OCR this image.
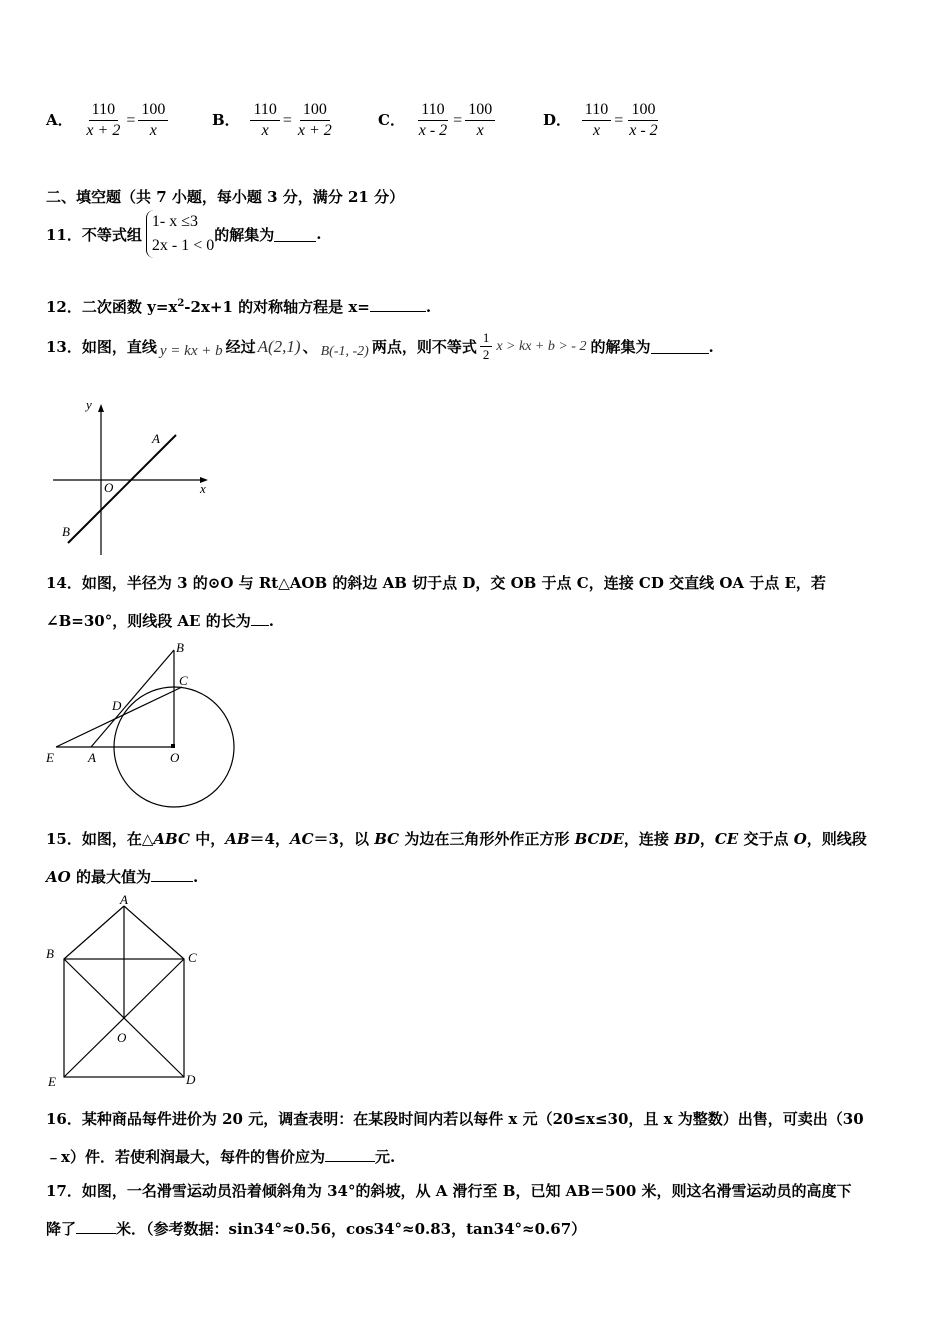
A． $\frac{110}{x + 2} = \frac{100}{x}$	B． $\frac{110}{x} = \frac{100}{x + 2}$	C． $\frac{110}{x - 2} = \frac{100}{x}$	D． $\frac{110}{x} = \frac{100}{x - 2}$
二、填空题（共 7 小题，每小题 3 分，满分 21 分）
11． 不等式组
1- x ≤3
2x - 1 < 0
的解集为	.
12．二次函数 $y=x^2-2x+1$ 的对称轴方程是 x=	.
13． 如图，直线 y = kx + b 经过 A(2,1) 、 B(-1, -2) 两点，则不等式 $\frac{1}{2}$ x > kx + b > - 2 的解集为	.
y
x
O
A
B
14．如图，半径为 3 的⊙O 与 Rt△AOB 的斜边 AB 切于点 D，交 OB 于点 C，连接 CD 交直线 OA 于点 E，若
∠B=30°，则线段 AE 的长为 .
B
C
D
E	A	O
15．如图，在△ABC 中，AB＝4，AC＝3，以 BC 为边在三角形外作正方形 BCDE，连接 BD，CE 交于点 O，则线段
AO 的最大值为	.
A
B	C
O
E	D
16．某种商品每件进价为 20 元，调查表明：在某段时间内若以每件 x 元（20≤x≤30，且 x 为整数）出售，可卖出（30
﹣x）件．若使利润最大，每件的售价应为	元.
17．如图，一名滑雪运动员沿着倾斜角为 34°的斜坡，从 A 滑行至 B，已知 AB＝500 米，则这名滑雪运动员的高度下
降了	米．（参考数据：sin34°≈0.56，cos34°≈0.83，tan34°≈0.67）
